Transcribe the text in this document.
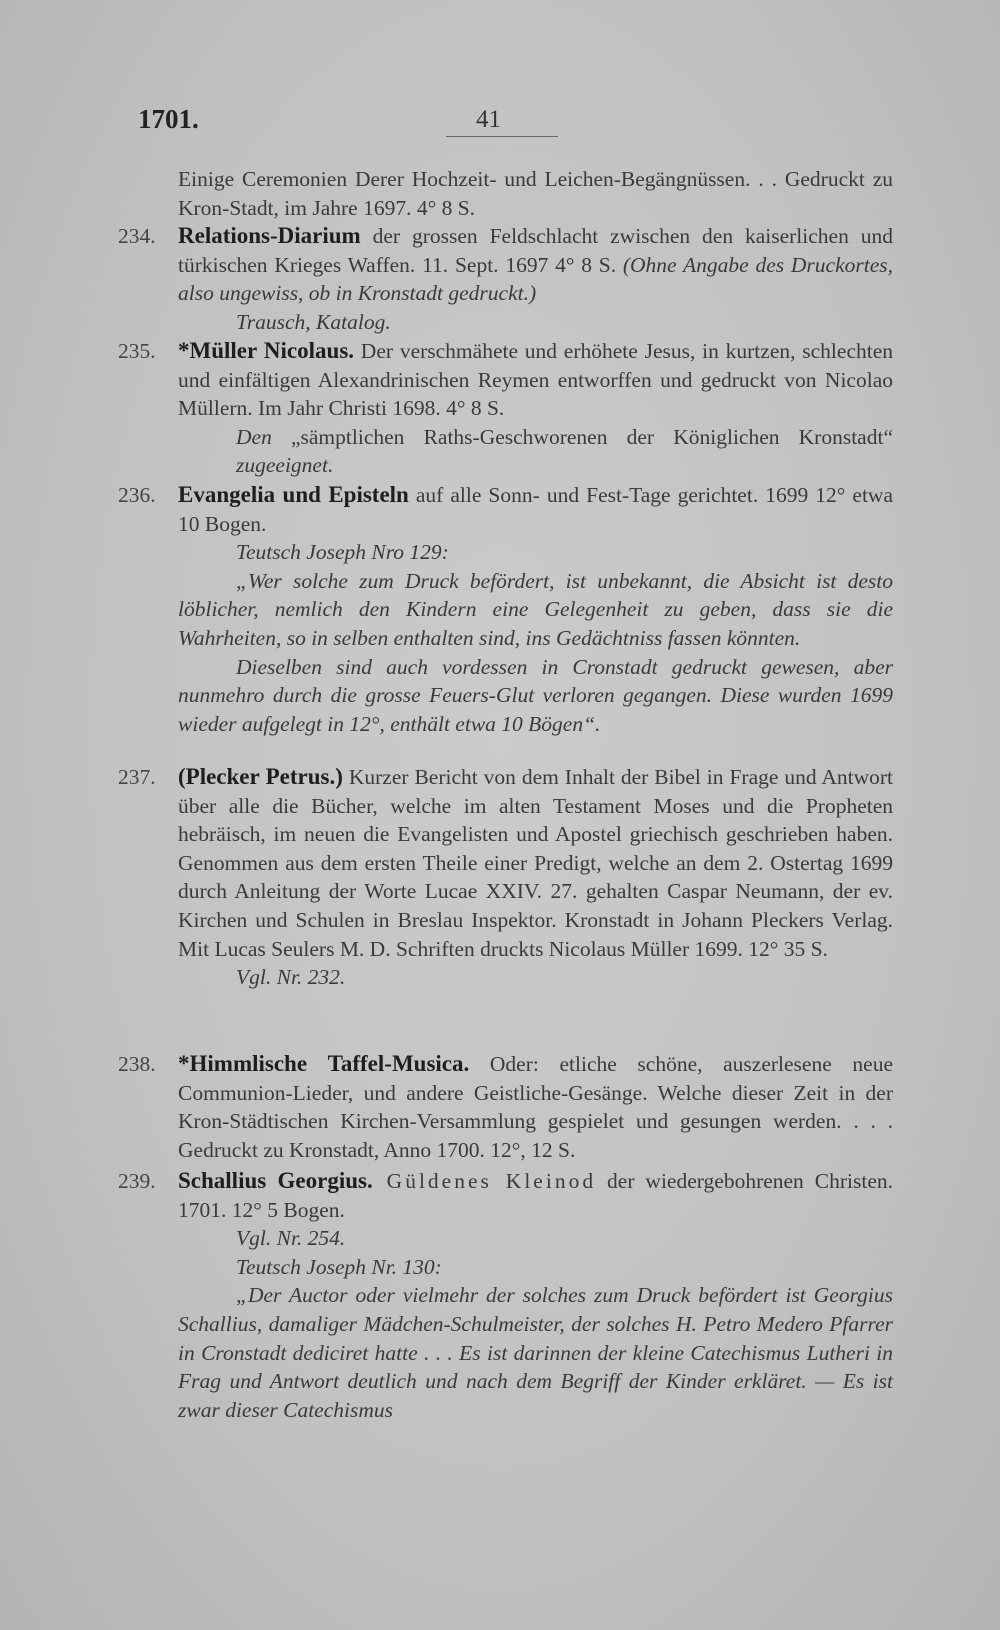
1701.	41

Einige Ceremonien Derer Hochzeit- und Leichen-Begängnüssen. . . Gedruckt zu Kron-Stadt, im Jahre 1697. 4° 8 S.

234. Relations-Diarium der grossen Feldschlacht zwischen den kaiserlichen und türkischen Krieges Waffen. 11. Sept. 1697 4° 8 S. (Ohne Angabe des Druckortes, also ungewiss, ob in Kronstadt gedruckt.)

Trausch, Katalog.

235. *Müller Nicolaus. Der verschmähete und erhöhete Jesus, in kurtzen, schlechten und einfältigen Alexandrinischen Reymen entworffen und gedruckt von Nicolao Müllern. Im Jahr Christi 1698. 4° 8 S.

Den „sämptlichen Raths-Geschworenen der Königlichen Kronstadt“ zugeeignet.

236. Evangelia und Episteln auf alle Sonn- und Fest-Tage gerichtet. 1699 12° etwa 10 Bogen.

Teutsch Joseph Nro 129:

„Wer solche zum Druck befördert, ist unbekannt, die Absicht ist desto löblicher, nemlich den Kindern eine Gelegenheit zu geben, dass sie die Wahrheiten, so in selben enthalten sind, ins Gedächtniss fassen könnten.

Dieselben sind auch vordessen in Cronstadt gedruckt gewesen, aber nunmehro durch die grosse Feuers-Glut verloren gegangen. Diese wurden 1699 wieder aufgelegt in 12°, enthält etwa 10 Bögen“.

237. (Plecker Petrus.) Kurzer Bericht von dem Inhalt der Bibel in Frage und Antwort über alle die Bücher, welche im alten Testament Moses und die Propheten hebräisch, im neuen die Evangelisten und Apostel griechisch geschrieben haben. Genommen aus dem ersten Theile einer Predigt, welche an dem 2. Ostertag 1699 durch Anleitung der Worte Lucae XXIV. 27. gehalten Caspar Neumann, der ev. Kirchen und Schulen in Breslau Inspektor. Kronstadt in Johann Pleckers Verlag. Mit Lucas Seulers M. D. Schriften druckts Nicolaus Müller 1699. 12° 35 S.

Vgl. Nr. 232.

238. *Himmlische Taffel-Musica. Oder: etliche schöne, auszerlesene neue Communion-Lieder, und andere Geistliche-Gesänge. Welche dieser Zeit in der Kron-Städtischen Kirchen-Versammlung gespielet und gesungen werden. . . . Gedruckt zu Kronstadt, Anno 1700. 12°, 12 S.

239. Schallius Georgius. Güldenes Kleinod der wiedergebohrenen Christen. 1701. 12° 5 Bogen.

Vgl. Nr. 254.

Teutsch Joseph Nr. 130:

„Der Auctor oder vielmehr der solches zum Druck befördert ist Georgius Schallius, damaliger Mädchen-Schulmeister, der solches H. Petro Medero Pfarrer in Cronstadt dediciret hatte . . . Es ist darinnen der kleine Catechismus Lutheri in Frag und Antwort deutlich und nach dem Begriff der Kinder erkläret. — Es ist zwar dieser Catechismus
